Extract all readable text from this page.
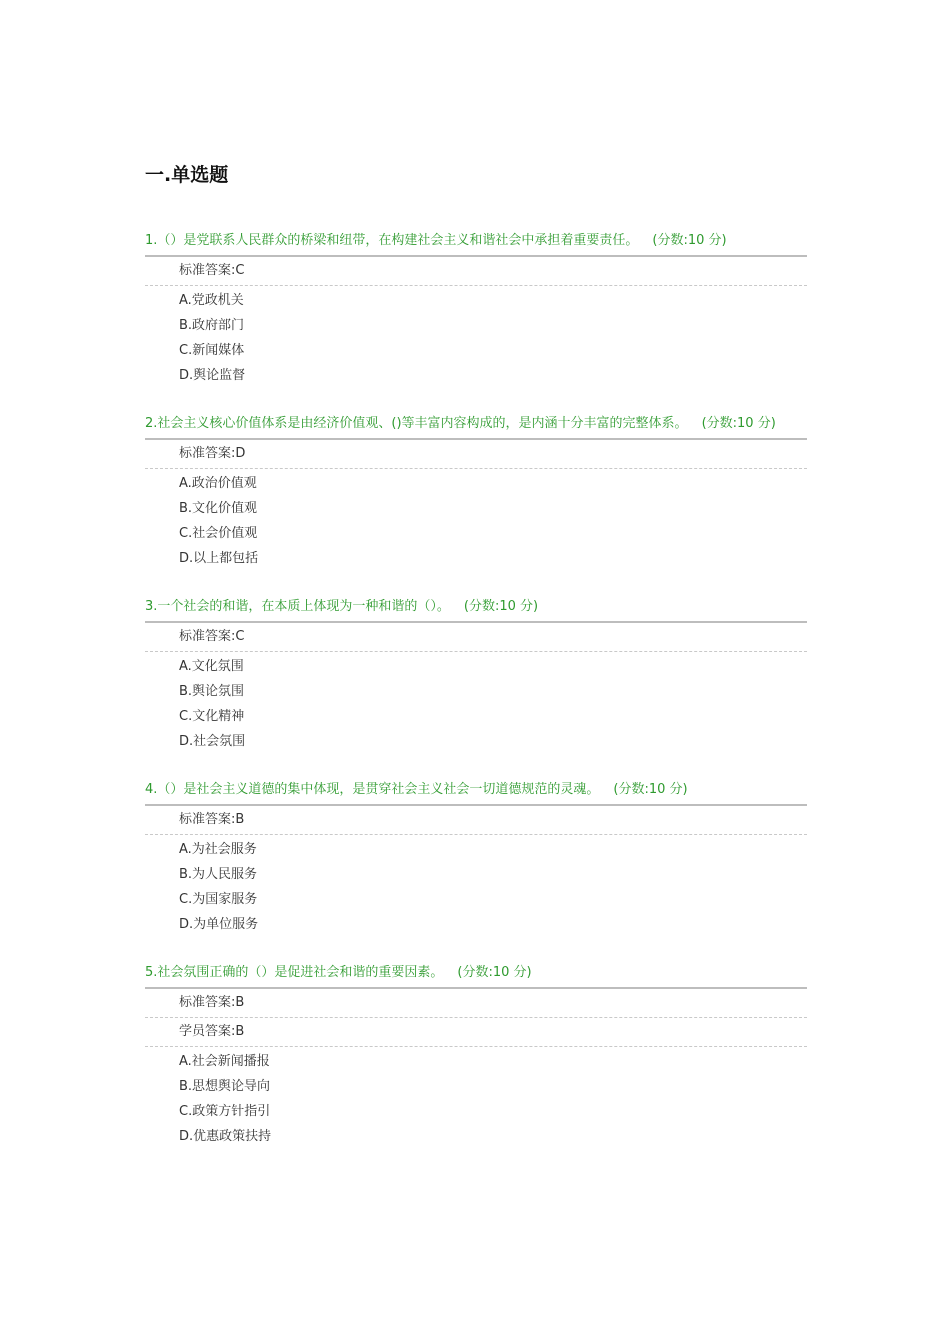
一.单选题
1.（）是党联系人民群众的桥梁和纽带，在构建社会主义和谐社会中承担着重要责任。 (分数:10 分)
标准答案:C
A.党政机关
B.政府部门
C.新闻媒体
D.舆论监督
2.社会主义核心价值体系是由经济价值观、()等丰富内容构成的，是内涵十分丰富的完整体系。 (分数:10 分)
标准答案:D
A.政治价值观
B.文化价值观
C.社会价值观
D.以上都包括
3.一个社会的和谐，在本质上体现为一种和谐的（）。 (分数:10 分)
标准答案:C
A.文化氛围
B.舆论氛围
C.文化精神
D.社会氛围
4.（）是社会主义道德的集中体现，是贯穿社会主义社会一切道德规范的灵魂。 (分数:10 分)
标准答案:B
A.为社会服务
B.为人民服务
C.为国家服务
D.为单位服务
5.社会氛围正确的（）是促进社会和谐的重要因素。 (分数:10 分)
标准答案:B
学员答案:B
A.社会新闻播报
B.思想舆论导向
C.政策方针指引
D.优惠政策扶持
